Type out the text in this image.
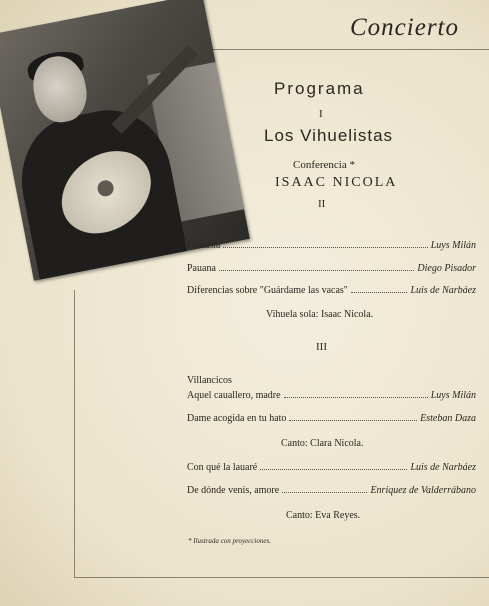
Concierto
Programa
I
Los Vihuelistas
Conferencia *
ISAAC NICOLA
II
Fantasía	Luys Milán
Pauana	Diego Pisador
Diferencias sobre "Guárdame las vacas"	Luis de Narbáez
Vihuela sola: Isaac Nicola.
III
Villancicos
Aquel cauallero, madre	Luys Milán
Dame acogida en tu hato	Esteban Daza
Canto: Clara Nicola.
Con qué la lauaré	Luis de Narbáez
De dónde venís, amore	Enriquez de Valderrábano
Canto: Eva Reyes.
* Ilustrada con proyecciones.
